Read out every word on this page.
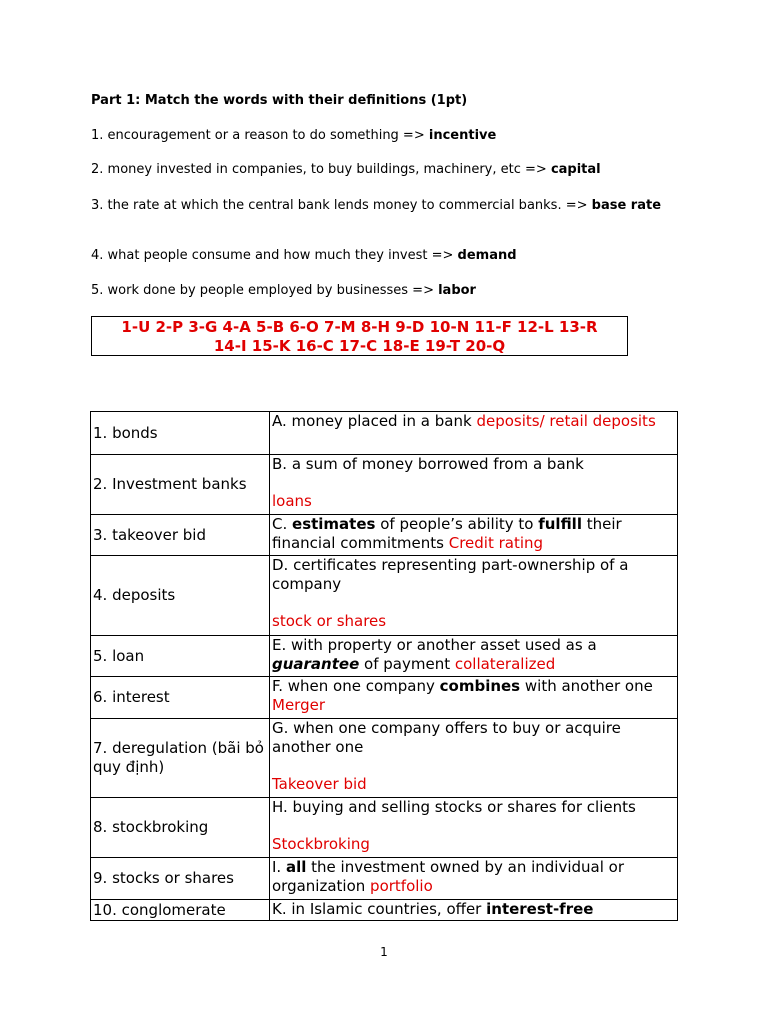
Part 1: Match the words with their definitions (1pt)
1. encouragement or a reason to do something => incentive
2. money invested in companies, to buy buildings, machinery, etc => capital
3. the rate at which the central bank lends money to commercial banks. => base rate
4. what people consume and how much they invest => demand
5. work done by people employed by businesses => labor
1-U 2-P 3-G 4-A 5-B 6-O 7-M 8-H 9-D 10-N 11-F 12-L 13-R
14-I 15-K 16-C 17-C 18-E 19-T 20-Q
1. bonds	A. money placed in a bank deposits/ retail deposits
2. Investment banks	B. a sum of money borrowed from a bank
loans
3. takeover bid	C. estimates of people’s ability to fulfill their financial commitments Credit rating
4. deposits	D. certificates representing part-ownership of a company
stock or shares
5. loan	E. with property or another asset used as a guarantee of payment collateralized
6. interest	F. when one company combines with another one Merger
7. deregulation (bãi bỏ quy định)	G. when one company offers to buy or acquire another one
Takeover bid
8. stockbroking	H. buying and selling stocks or shares for clients
Stockbroking
9. stocks or shares	I. all the investment owned by an individual or organization portfolio
10. conglomerate	K. in Islamic countries, offer interest-free
1
